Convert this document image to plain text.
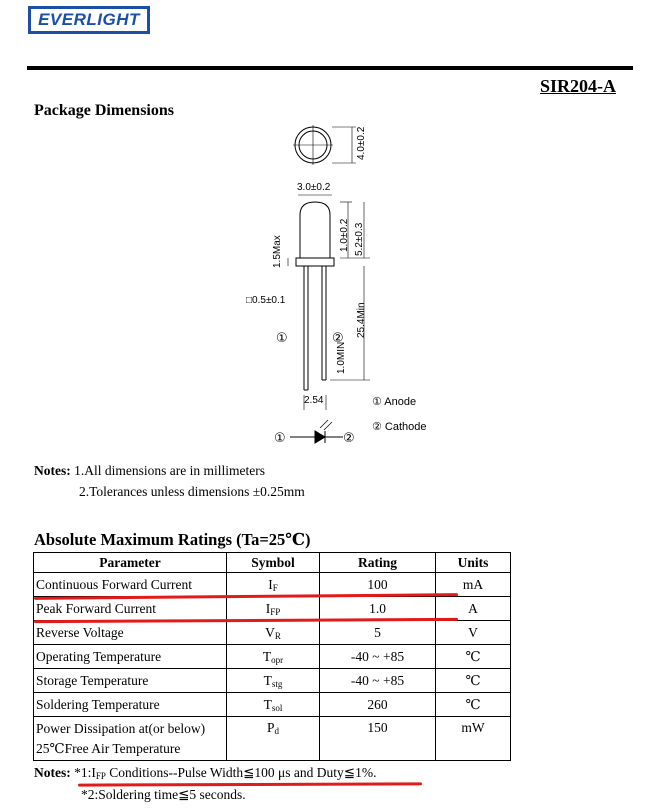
EVERLIGHT
SIR204-A
Package Dimensions
4.0±0.2
3.0±0.2
1.5Max	1.0±0.2 5.2±0.3
□0.5±0.1
25.4Min
1.0MIN
2.54
①	②
① Anode
② Cathode
①	②
Notes: 1.All dimensions are in millimeters
2.Tolerances unless dimensions ±0.25mm
Absolute Maximum Ratings (Ta=25℃)
Parameter	Symbol	Rating	Units
Continuous Forward Current	$I_F$	100	mA
Peak Forward Current	$I_{FP}$	1.0	A
Reverse Voltage	$V_R$	5	V
Operating Temperature	$T_{opr}$	-40 ~ +85	℃
Storage Temperature	$T_{stg}$	-40 ~ +85	℃
Soldering Temperature	$T_{sol}$	260	℃
Power Dissipation at(or below)
25℃Free Air Temperature	$P_d$	150	mW
Notes: $*1:I_{FP}$ Conditions--Pulse Width≦100 μs and Duty≦1%.
*2:Soldering time≦5 seconds.
